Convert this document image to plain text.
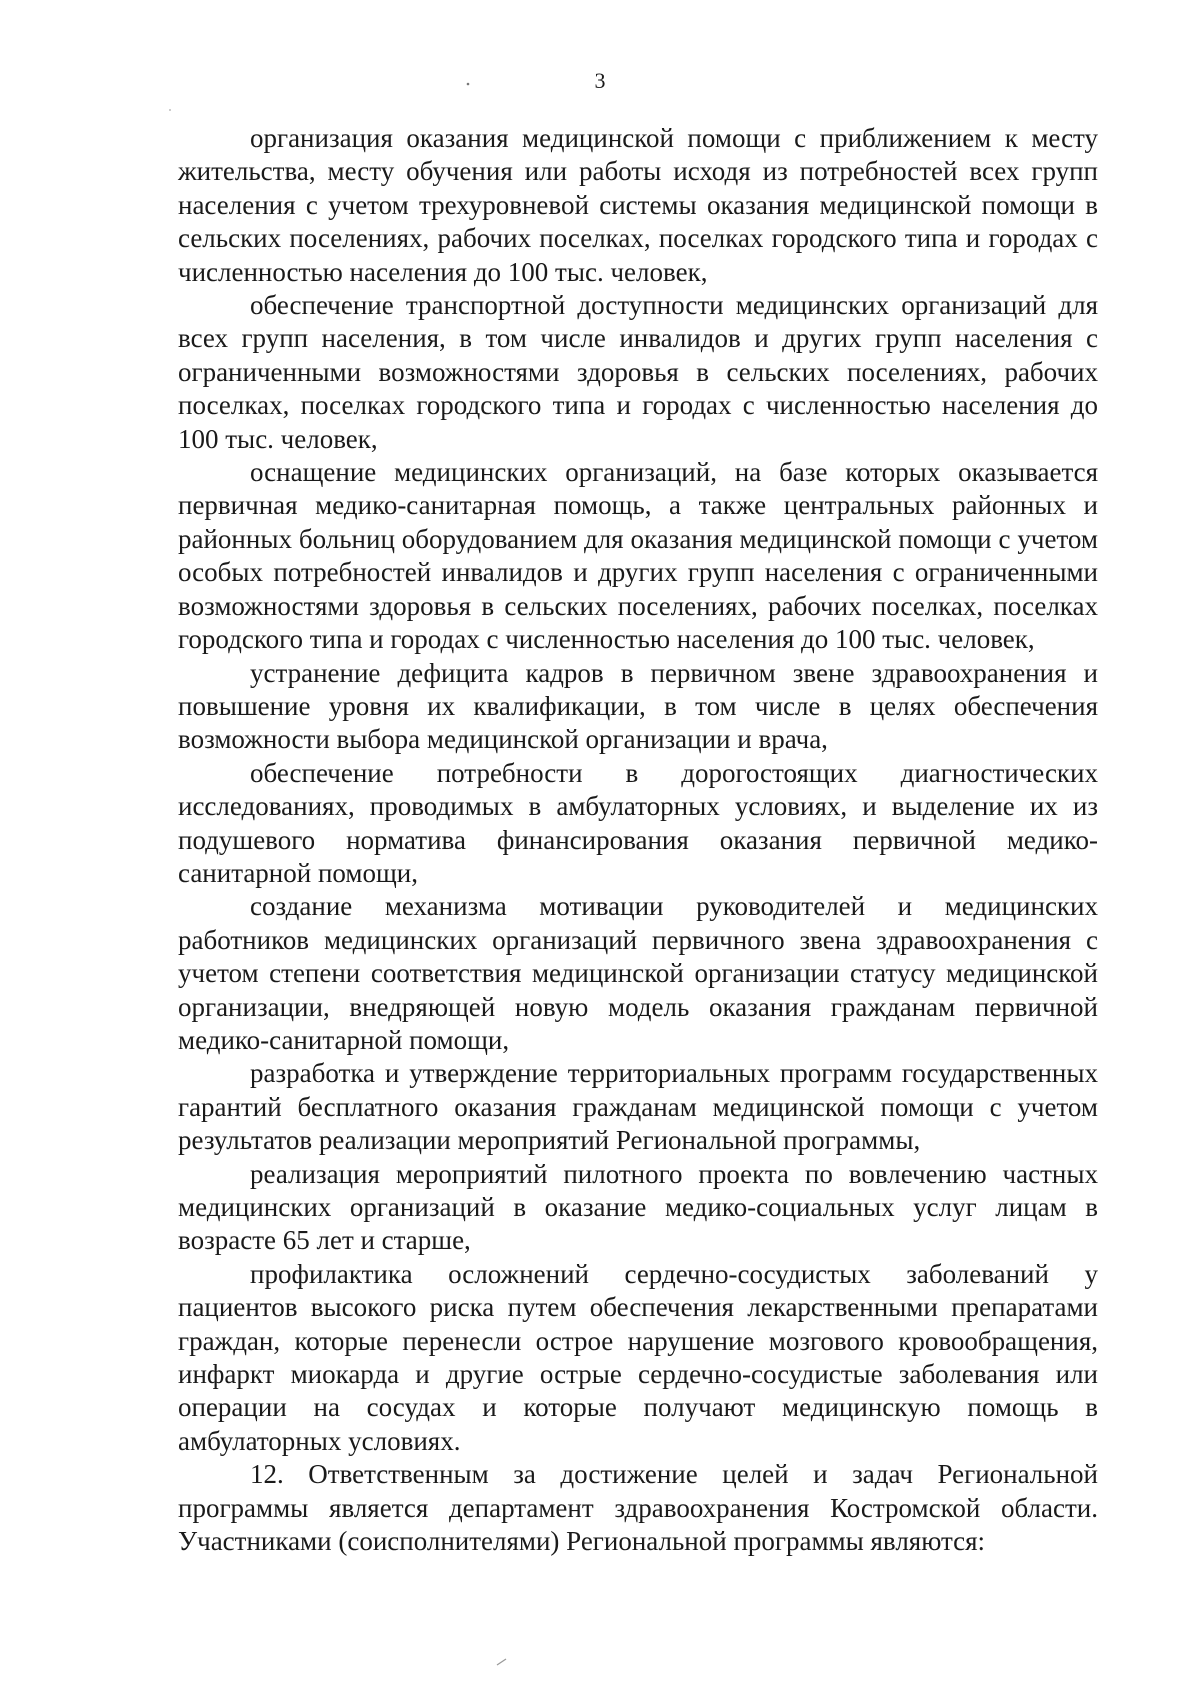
3

организация оказания медицинской помощи с приближением к месту жительства, месту обучения или работы исходя из потребностей всех групп населения с учетом трехуровневой системы оказания медицинской помощи в сельских поселениях, рабочих поселках, поселках городского типа и городах с численностью населения до 100 тыс. человек,

обеспечение транспортной доступности медицинских организаций для всех групп населения, в том числе инвалидов и других групп населения с ограниченными возможностями здоровья в сельских поселениях, рабочих поселках, поселках городского типа и городах с численностью населения до 100 тыс. человек,

оснащение медицинских организаций, на базе которых оказывается первичная медико-санитарная помощь, а также центральных районных и районных больниц оборудованием для оказания медицинской помощи с учетом особых потребностей инвалидов и других групп населения с ограниченными возможностями здоровья в сельских поселениях, рабочих поселках, поселках городского типа и городах с численностью населения до 100 тыс. человек,

устранение дефицита кадров в первичном звене здравоохранения и повышение уровня их квалификации, в том числе в целях обеспечения возможности выбора медицинской организации и врача,

обеспечение потребности в дорогостоящих диагностических исследованиях, проводимых в амбулаторных условиях, и выделение их из подушевого норматива финансирования оказания первичной медико-санитарной помощи,

создание механизма мотивации руководителей и медицинских работников медицинских организаций первичного звена здравоохранения с учетом степени соответствия медицинской организации статусу медицинской организации, внедряющей новую модель оказания гражданам первичной медико-санитарной помощи,

разработка и утверждение территориальных программ государственных гарантий бесплатного оказания гражданам медицинской помощи с учетом результатов реализации мероприятий Региональной программы,

реализация мероприятий пилотного проекта по вовлечению частных медицинских организаций в оказание медико-социальных услуг лицам в возрасте 65 лет и старше,

профилактика осложнений сердечно-сосудистых заболеваний у пациентов высокого риска путем обеспечения лекарственными препаратами граждан, которые перенесли острое нарушение мозгового кровообращения, инфаркт миокарда и другие острые сердечно-сосудистые заболевания или операции на сосудах и которые получают медицинскую помощь в амбулаторных условиях.

12. Ответственным за достижение целей и задач Региональной программы является департамент здравоохранения Костромской области. Участниками (соисполнителями) Региональной программы являются:
